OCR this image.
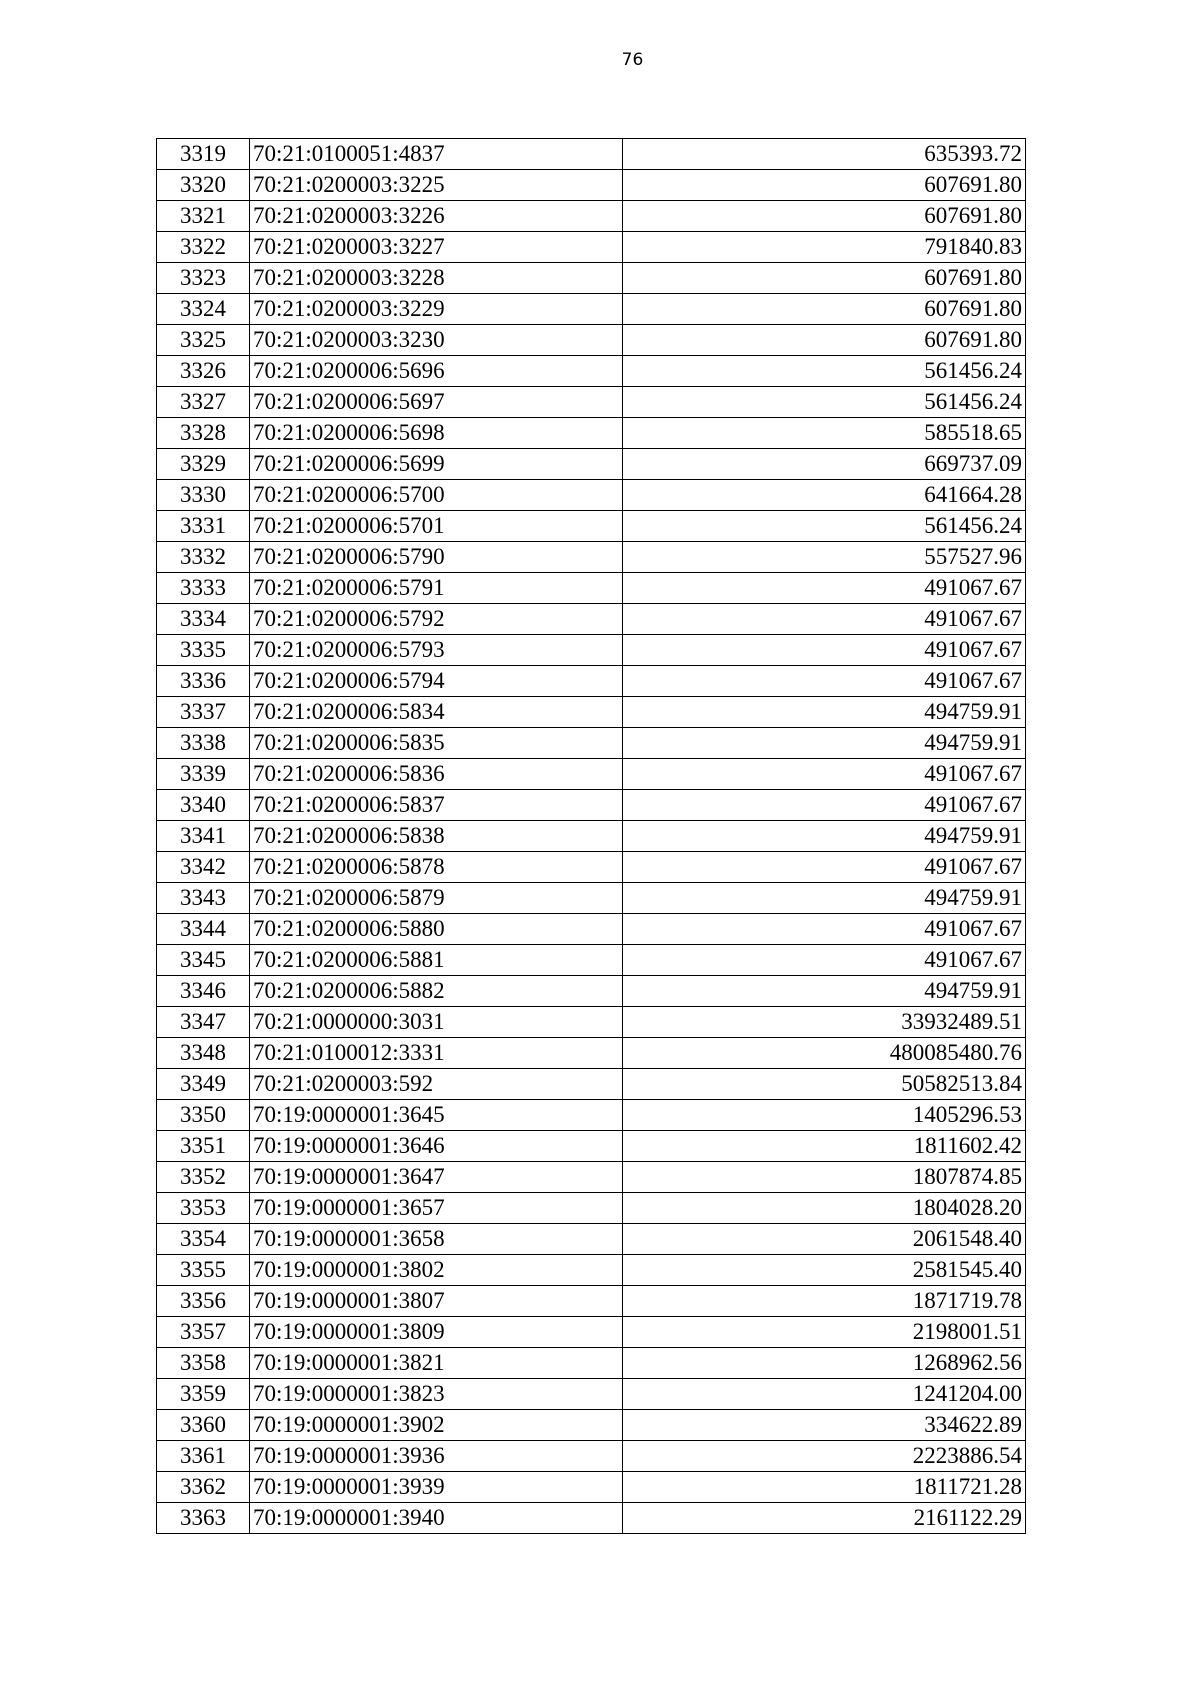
76
3319	70:21:0100051:4837	635393.72
3320	70:21:0200003:3225	607691.80
3321	70:21:0200003:3226	607691.80
3322	70:21:0200003:3227	791840.83
3323	70:21:0200003:3228	607691.80
3324	70:21:0200003:3229	607691.80
3325	70:21:0200003:3230	607691.80
3326	70:21:0200006:5696	561456.24
3327	70:21:0200006:5697	561456.24
3328	70:21:0200006:5698	585518.65
3329	70:21:0200006:5699	669737.09
3330	70:21:0200006:5700	641664.28
3331	70:21:0200006:5701	561456.24
3332	70:21:0200006:5790	557527.96
3333	70:21:0200006:5791	491067.67
3334	70:21:0200006:5792	491067.67
3335	70:21:0200006:5793	491067.67
3336	70:21:0200006:5794	491067.67
3337	70:21:0200006:5834	494759.91
3338	70:21:0200006:5835	494759.91
3339	70:21:0200006:5836	491067.67
3340	70:21:0200006:5837	491067.67
3341	70:21:0200006:5838	494759.91
3342	70:21:0200006:5878	491067.67
3343	70:21:0200006:5879	494759.91
3344	70:21:0200006:5880	491067.67
3345	70:21:0200006:5881	491067.67
3346	70:21:0200006:5882	494759.91
3347	70:21:0000000:3031	33932489.51
3348	70:21:0100012:3331	480085480.76
3349	70:21:0200003:592	50582513.84
3350	70:19:0000001:3645	1405296.53
3351	70:19:0000001:3646	1811602.42
3352	70:19:0000001:3647	1807874.85
3353	70:19:0000001:3657	1804028.20
3354	70:19:0000001:3658	2061548.40
3355	70:19:0000001:3802	2581545.40
3356	70:19:0000001:3807	1871719.78
3357	70:19:0000001:3809	2198001.51
3358	70:19:0000001:3821	1268962.56
3359	70:19:0000001:3823	1241204.00
3360	70:19:0000001:3902	334622.89
3361	70:19:0000001:3936	2223886.54
3362	70:19:0000001:3939	1811721.28
3363	70:19:0000001:3940	2161122.29
